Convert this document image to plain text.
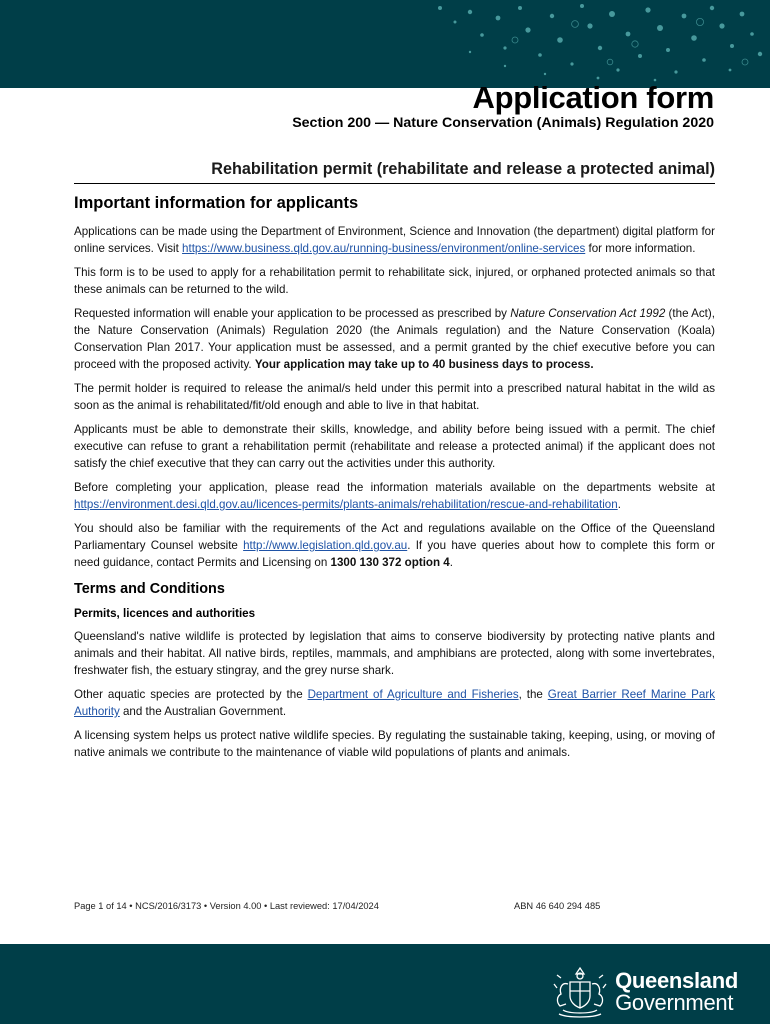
Application form
Section 200 — Nature Conservation (Animals) Regulation 2020
Rehabilitation permit (rehabilitate and release a protected animal)
Important information for applicants

Applications can be made using the Department of Environment, Science and Innovation (the department) digital platform for online services. Visit https://www.business.qld.gov.au/running-business/environment/online-services for more information.

This form is to be used to apply for a rehabilitation permit to rehabilitate sick, injured, or orphaned protected animals so that these animals can be returned to the wild.

Requested information will enable your application to be processed as prescribed by Nature Conservation Act 1992 (the Act), the Nature Conservation (Animals) Regulation 2020 (the Animals regulation) and the Nature Conservation (Koala) Conservation Plan 2017. Your application must be assessed, and a permit granted by the chief executive before you can proceed with the proposed activity. Your application may take up to 40 business days to process.

The permit holder is required to release the animal/s held under this permit into a prescribed natural habitat in the wild as soon as the animal is rehabilitated/fit/old enough and able to live in that habitat.

Applicants must be able to demonstrate their skills, knowledge, and ability before being issued with a permit. The chief executive can refuse to grant a rehabilitation permit (rehabilitate and release a protected animal) if the applicant does not satisfy the chief executive that they can carry out the activities under this authority.

Before completing your application, please read the information materials available on the departments website at https://environment.desi.qld.gov.au/licences-permits/plants-animals/rehabilitation/rescue-and-rehabilitation.

You should also be familiar with the requirements of the Act and regulations available on the Office of the Queensland Parliamentary Counsel website http://www.legislation.qld.gov.au. If you have queries about how to complete this form or need guidance, contact Permits and Licensing on 1300 130 372 option 4.

Terms and Conditions
Permits, licences and authorities

Queensland's native wildlife is protected by legislation that aims to conserve biodiversity by protecting native plants and animals and their habitat. All native birds, reptiles, mammals, and amphibians are protected, along with some invertebrates, freshwater fish, the estuary stingray, and the grey nurse shark.

Other aquatic species are protected by the Department of Agriculture and Fisheries, the Great Barrier Reef Marine Park Authority and the Australian Government.

A licensing system helps us protect native wildlife species. By regulating the sustainable taking, keeping, using, or moving of native animals we contribute to the maintenance of viable wild populations of plants and animals.

Page 1 of 14 • NCS/2016/3173 • Version 4.00 • Last reviewed: 17/04/2024	ABN 46 640 294 485
Queensland
Government
